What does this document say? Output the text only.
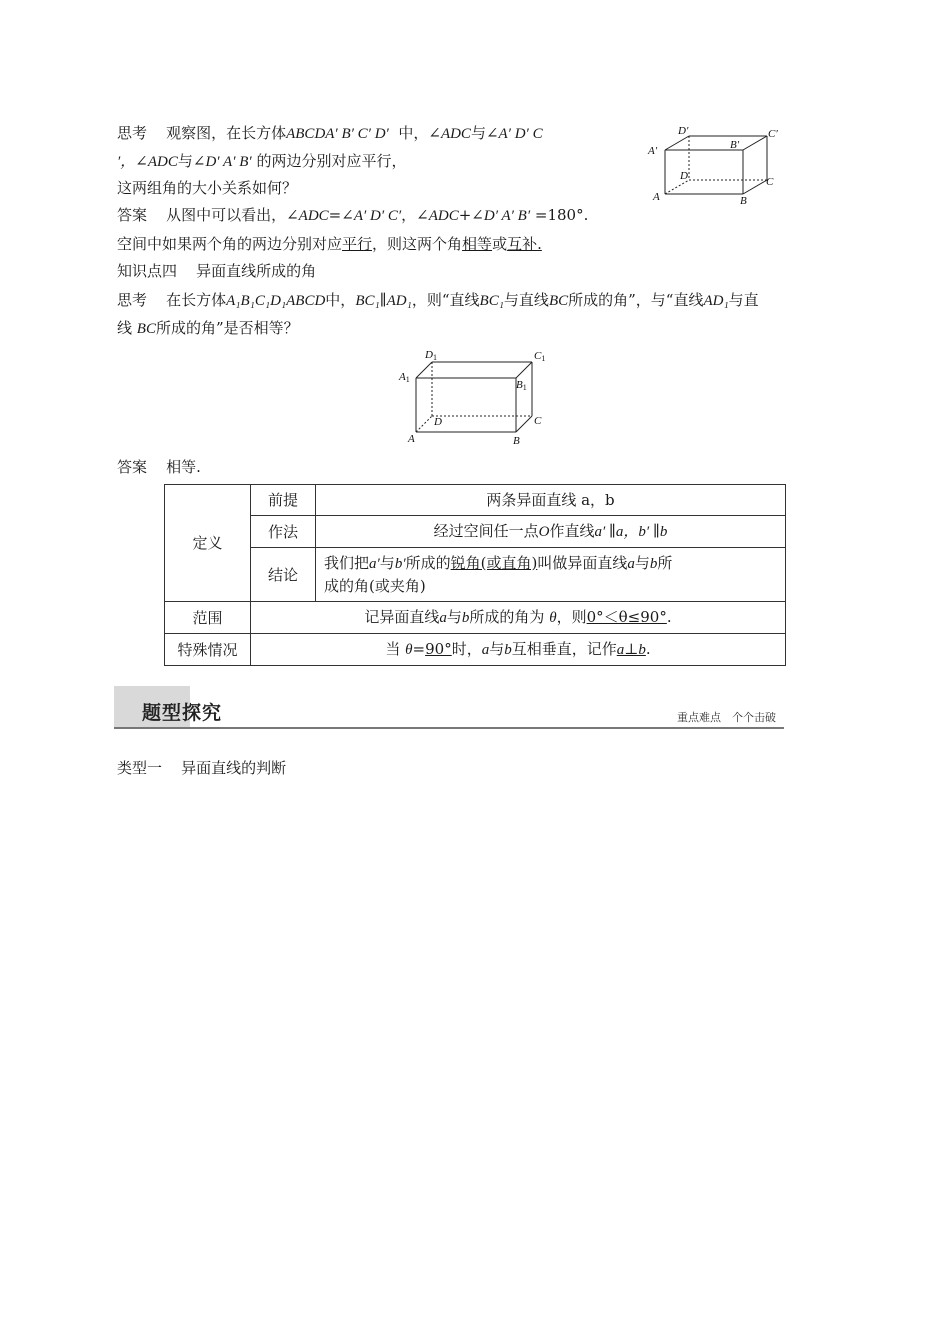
思考 观察图，在长方体ABCDA′ B′ C′ D′ 中，∠ADC与∠A′ D′ C
′，∠ADC与∠D′ A′ B′ 的两边分别对应平行，
这两组角的大小关系如何？
D′	C′
A′	B′
D	C
A	B
答案 从图中可以看出，∠ADC=∠A′ D′ C′，∠ADC+∠D′ A′ B′ =180°.
空间中如果两个角的两边分别对应平行，则这两个角相等或互补.
知识点四 异面直线所成的角
思考 在长方体A₁B₁C₁D₁ABCD中，BC₁∥AD₁，则“直线BC₁与直线BC所成的角”，与“直线AD₁与直
线 BC所成的角”是否相等？
D1	C1
A1	B1
D	C
A	B
答案 相等.
定义	前提	两条异面直线 a，b
	作法	经过空间任一点O作直线a′ ∥a，b′ ∥b
	结论	我们把a′与b′所成的锐角(或直角)叫做异面直线a与b所
成的角(或夹角)
范围	记异面直线a与b所成的角为 θ，则0°＜θ≤90°.	
特殊情况	当 θ=90°时，a与b互相垂直，记作a⊥b.	
题型探究	重点难点　个个击破
类型一 异面直线的判断
